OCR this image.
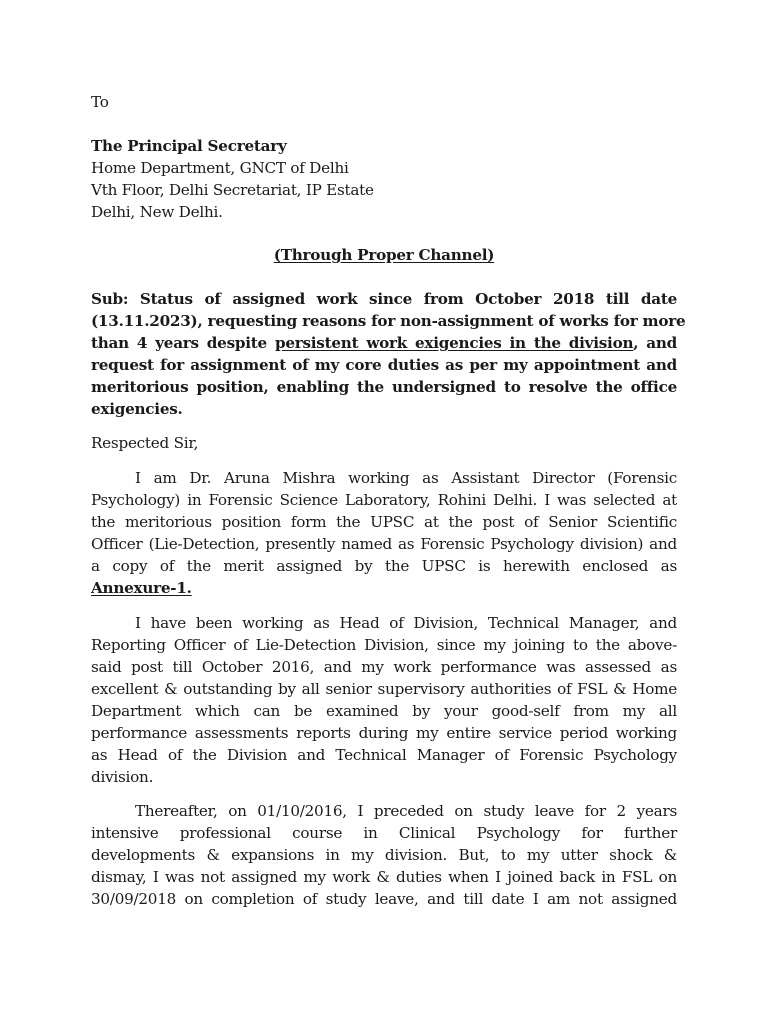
To
The Principal Secretary
Home Department, GNCT of Delhi
Vth Floor, Delhi Secretariat, IP Estate
Delhi, New Delhi.
(Through Proper Channel)
Sub: Status of assigned work since from October 2018 till date
(13.11.2023), requesting reasons for non-assignment of works for more
than 4 years despite persistent work exigencies in the division, and
request for assignment of my core duties as per my appointment and
meritorious position, enabling the undersigned to resolve the office
exigencies.
Respected Sir,
I am Dr. Aruna Mishra working as Assistant Director (Forensic
Psychology) in Forensic Science Laboratory, Rohini Delhi. I was selected at
the meritorious position form the UPSC at the post of Senior Scientific
Officer (Lie-Detection, presently named as Forensic Psychology division) and
a copy of the merit assigned by the UPSC is herewith enclosed as
Annexure-1.
I have been working as Head of Division, Technical Manager, and
Reporting Officer of Lie-Detection Division, since my joining to the above-
said post till October 2016, and my work performance was assessed as
excellent & outstanding by all senior supervisory authorities of FSL & Home
Department which can be examined by your good-self from my all
performance assessments reports during my entire service period working
as Head of the Division and Technical Manager of Forensic Psychology
division.
Thereafter, on 01/10/2016, I preceded on study leave for 2 years
intensive professional course in Clinical Psychology for further
developments & expansions in my division. But, to my utter shock &
dismay, I was not assigned my work & duties when I joined back in FSL on
30/09/2018 on completion of study leave, and till date I am not assigned
